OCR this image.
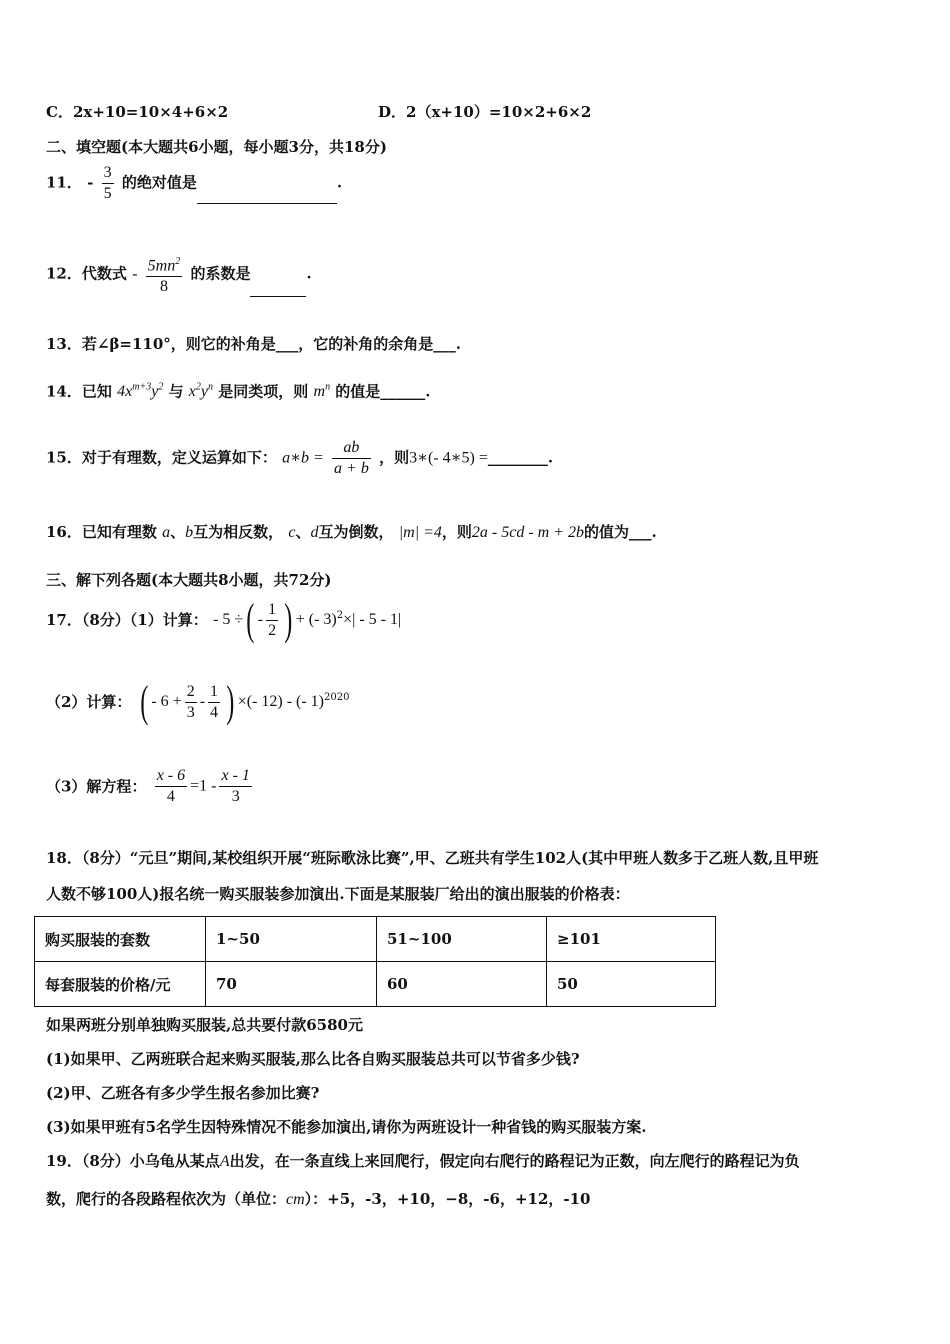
C．2x+10=10×4+6×2	D．2（x+10）=10×2+6×2
二、填空题(本大题共6小题，每小题3分，共18分)
11． - $\frac{3}{5}$ 的绝对值是	.
12．代数式 - $\frac{5mn^2}{8}$ 的系数是	.
13．若∠β=110°，则它的补角是___，它的补角的余角是___.
14．已知 $4x^{m+3}y^2$ 与 $x^2y^n$ 是同类项，则 $m^n$ 的值是______.
15．对于有理数，定义运算如下： a∗b = $\frac{ab}{a + b}$ ，则3∗(- 4∗5) =________.
16．已知有理数 a、b互为相反数， c、d互为倒数， |m| =4，则2a - 5cd - m + 2b的值为___.
三、解下列各题(本大题共8小题，共72分)
17．（8分）（1）计算： - 5 ÷( - $\frac{1}{2}$ ) + (- 3)$^2$×| - 5 - 1|
（2）计算： ( - $6 + \frac{2}{3} - \frac{1}{4}$ ) ×(- 12) - (- 1)$^{2020}$
（3）解方程： $\frac{x - 6}{4} =1 - \frac{x - 1}{3}$
18．（8分）“元旦”期间,某校组织开展“班际歌泳比赛”,甲、乙班共有学生102人(其中甲班人数多于乙班人数,且甲班
人数不够100人)报名统一购买服装参加演出.下面是某服装厂给出的演出服装的价格表：
购买服装的套数	1~50	51~100	≥101
每套服装的价格/元	70	60	50
如果两班分别单独购买服装,总共要付款6580元
(1)如果甲、乙两班联合起来购买服装,那么比各自购买服装总共可以节省多少钱?
(2)甲、乙班各有多少学生报名参加比赛?
(3)如果甲班有5名学生因特殊情况不能参加演出,请你为两班设计一种省钱的购买服装方案.
19．（8分）小乌龟从某点A出发，在一条直线上来回爬行，假定向右爬行的路程记为正数，向左爬行的路程记为负
数，爬行的各段路程依次为（单位：cm）：+5，-3，+10，−8，-6，+12，-10
